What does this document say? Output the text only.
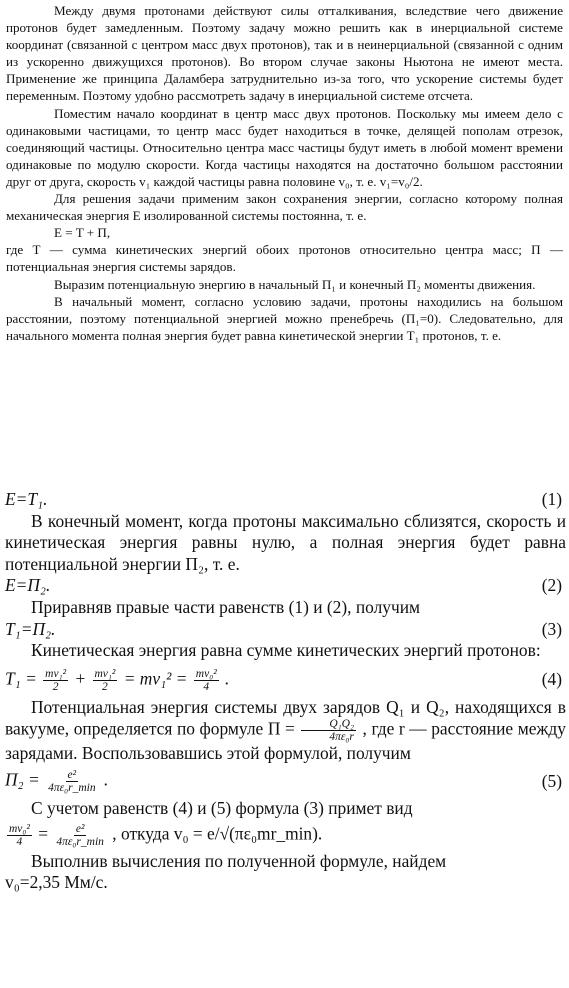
Между двумя протонами действуют силы отталкивания, вследствие чего движение протонов будет замедленным. Поэтому задачу можно решить как в инерциальной системе координат (связанной с центром масс двух протонов), так и в неинерциальной (связанной с одним из ускоренно движущихся протонов). Во втором случае законы Ньютона не имеют места. Применение же принципа Даламбера затруднительно из-за того, что ускорение системы будет переменным. Поэтому удобно рассмотреть задачу в инерциальной системе отсчета.

Поместим начало координат в центр масс двух протонов. Поскольку мы имеем дело с одинаковыми частицами, то центр масс будет находиться в точке, делящей пополам отрезок, соединяющий частицы. Относительно центра масс частицы будут иметь в любой момент времени одинаковые по модулю скорости. Когда частицы находятся на достаточно большом расстоянии друг от друга, скорость v₁ каждой частицы равна половине v₀, т. е. v₁=v₀/2.

Для решения задачи применим закон сохранения энергии, согласно которому полная механическая энергия Е изолированной системы постоянна, т. е.

E = T + П,

где Т — сумма кинетических энергий обоих протонов относительно центра масс; П — потенциальная энергия системы зарядов.

Выразим потенциальную энергию в начальный П₁ и конечный П₂ моменты движения.

В начальный момент, согласно условию задачи, протоны находились на большом расстоянии, поэтому потенциальной энергией можно пренебречь (П₁=0). Следовательно, для начального момента полная энергия будет равна кинетической энергии Т₁ протонов, т. е.

E=T₁.	(1)

В конечный момент, когда протоны максимально сблизятся, скорость и кинетическая энергия равны нулю, а полная энергия будет равна потенциальной энергии П₂, т. е.

E=П₂.	(2)

Приравняв правые части равенств (1) и (2), получим

T₁=П₂.	(3)

Кинетическая энергия равна сумме кинетических энергий протонов:

$T_1 = \frac{\text{mv₁²}}{2} + \frac{\text{mv₁²}}{2} = mv_1^2 = \frac{\text{mv₀²}}{4}$ .	(4)

Потенциальная энергия системы двух зарядов Q₁ и Q₂, находящихся в вакууме, определяется по формуле $П = \frac{\text{Q₁Q₂}}{\text{4πε₀r}}$ , где r — расстояние между зарядами. Воспользовавшись этой формулой, получим

$П_2 = \frac{\text{e²}}{\text{4πε₀r\_min}}$ .	(5)

С учетом равенств (4) и (5) формула (3) примет вид

$\frac{\text{mv₀²}}{4} = \frac{\text{e²}}{\text{4πε₀r\_min}}$ , откуда v₀ = e/√(πε₀mr_min).

Выполнив вычисления по полученной формуле, найдем

v₀=2,35 Мм/с.
